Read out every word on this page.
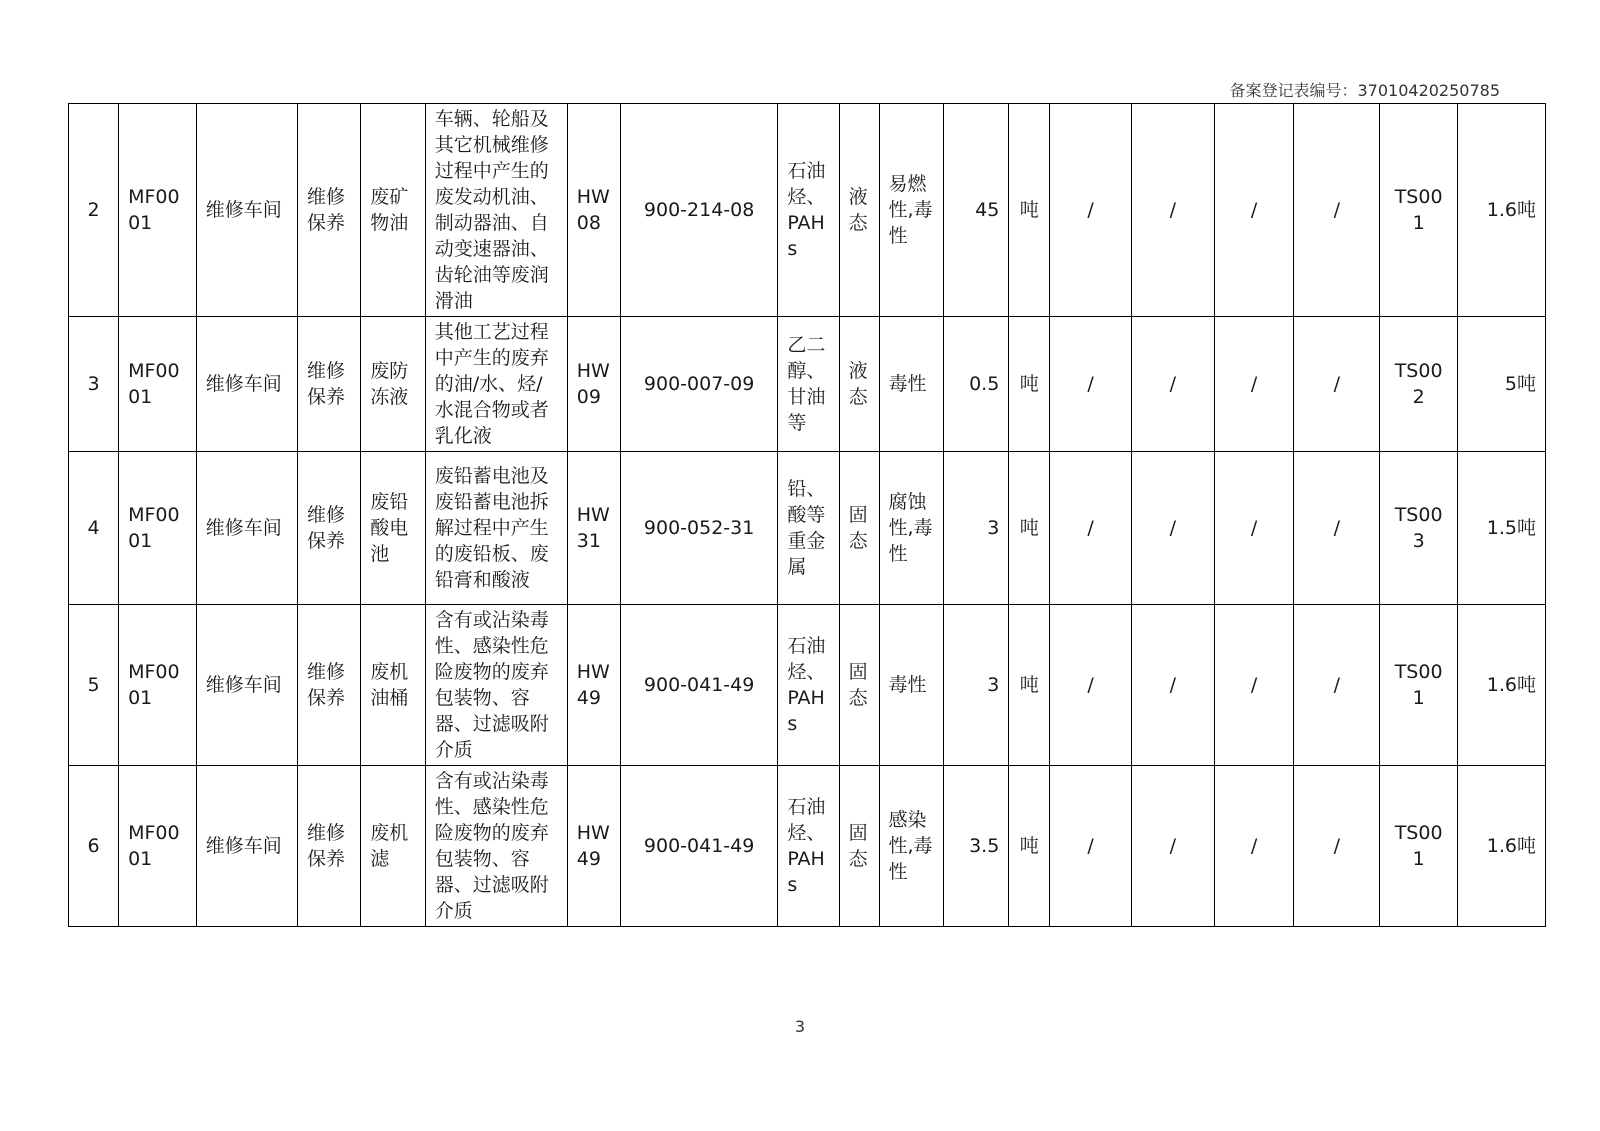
备案登记表编号：37010420250785
2	MF0001	维修车间	维修保养	废矿物油	车辆、轮船及其它机械维修过程中产生的废发动机油、制动器油、自动变速器油、齿轮油等废润滑油	HW08	900-214-08	石油烃、PAHs	液态	易燃性,毒性	45	吨	/	/	/	/	TS001	1.6吨
3	MF0001	维修车间	维修保养	废防冻液	其他工艺过程中产生的废弃的油/水、烃/水混合物或者乳化液	HW09	900-007-09	乙二醇、甘油等	液态	毒性	0.5	吨	/	/	/	/	TS002	5吨
4	MF0001	维修车间	维修保养	废铅酸电池	废铅蓄电池及废铅蓄电池拆解过程中产生的废铅板、废铅膏和酸液	HW31	900-052-31	铅、酸等重金属	固态	腐蚀性,毒性	3	吨	/	/	/	/	TS003	1.5吨
5	MF0001	维修车间	维修保养	废机油桶	含有或沾染毒性、感染性危险废物的废弃包装物、容器、过滤吸附介质	HW49	900-041-49	石油烃、PAHs	固态	毒性	3	吨	/	/	/	/	TS001	1.6吨
6	MF0001	维修车间	维修保养	废机滤	含有或沾染毒性、感染性危险废物的废弃包装物、容器、过滤吸附介质	HW49	900-041-49	石油烃、PAHs	固态	感染性,毒性	3.5	吨	/	/	/	/	TS001	1.6吨
3
